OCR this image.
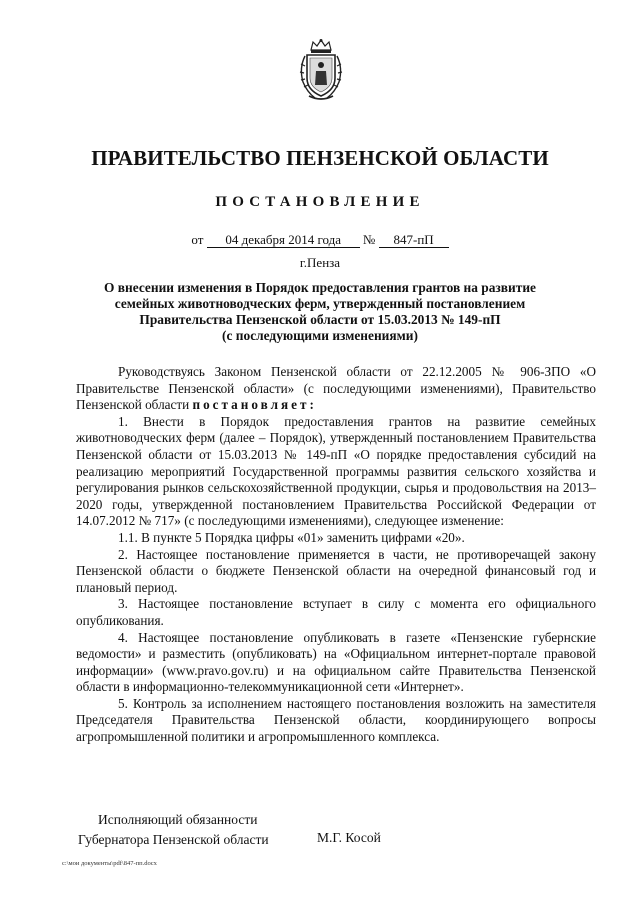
ПРАВИТЕЛЬСТВО ПЕНЗЕНСКОЙ ОБЛАСТИ
ПОСТАНОВЛЕНИЕ
от 04 декабря 2014 года № 847-пП
г.Пенза
О внесении изменения в Порядок предоставления грантов на развитие
семейных животноводческих ферм, утвержденный постановлением
Правительства Пензенской области от 15.03.2013 № 149-пП
(с последующими изменениями)

Руководствуясь Законом Пензенской области от 22.12.2005 № 906-ЗПО «О Правительстве Пензенской области» (с последующими изменениями), Правительство Пензенской области постановляет:

1. Внести в Порядок предоставления грантов на развитие семейных животноводческих ферм (далее – Порядок), утвержденный постановлением Правительства Пензенской области от 15.03.2013 № 149-пП «О порядке предоставления субсидий на реализацию мероприятий Государственной программы развития сельского хозяйства и регулирования рынков сельскохозяйственной продукции, сырья и продовольствия на 2013–2020 годы, утвержденной постановлением Правительства Российской Федерации от 14.07.2012 № 717» (с последующими изменениями), следующее изменение:

1.1. В пункте 5 Порядка цифры «01» заменить цифрами «20».

2. Настоящее постановление применяется в части, не противоречащей закону Пензенской области о бюджете Пензенской области на очередной финансовый год и плановый период.

3. Настоящее постановление вступает в силу с момента его официального опубликования.

4. Настоящее постановление опубликовать в газете «Пензенские губернские ведомости» и разместить (опубликовать) на «Официальном интернет-портале правовой информации» (www.pravo.gov.ru) и на официальном сайте Правительства Пензенской области в информационно-телекоммуникационной сети «Интернет».

5. Контроль за исполнением настоящего постановления возложить на заместителя Председателя Правительства Пензенской области, координирующего вопросы агропромышленной политики и агропромышленного комплекса.

Исполняющий обязанности
Губернатора Пензенской области	М.Г. Косой
c:\мои документы\pdf\847-пп.docx
